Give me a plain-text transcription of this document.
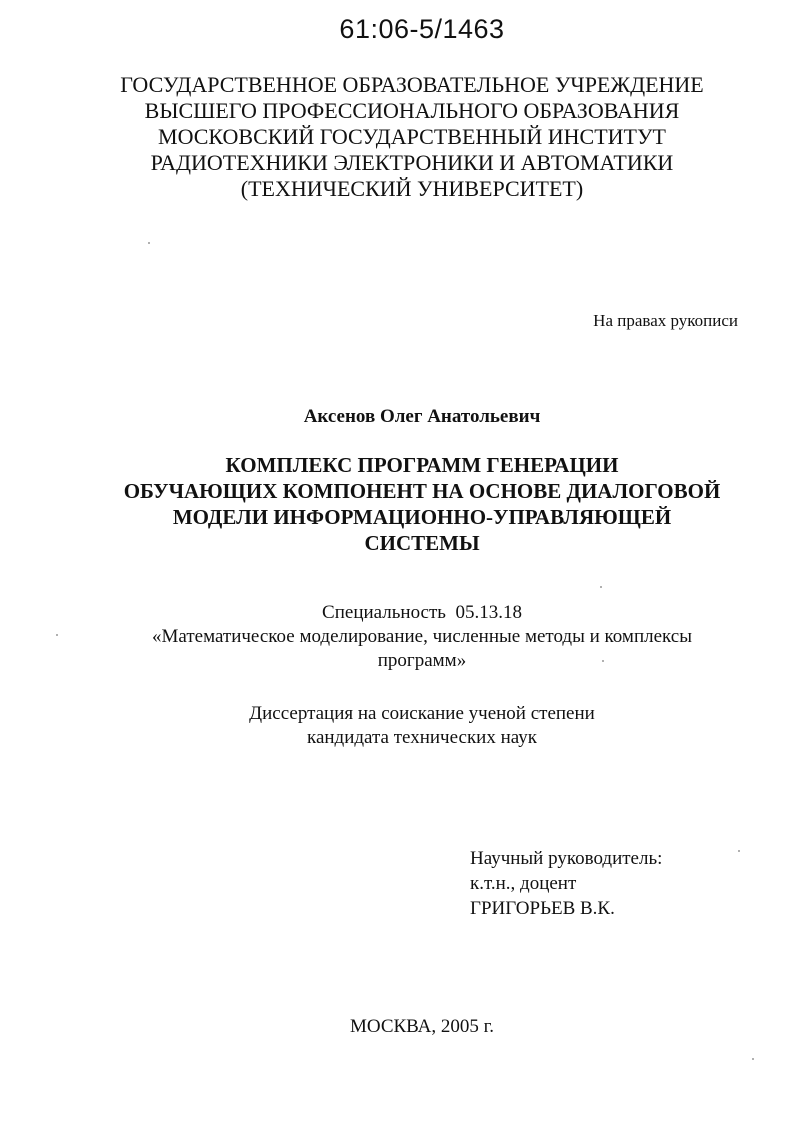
61:06-5/1463
ГОСУДАРСТВЕННОЕ ОБРАЗОВАТЕЛЬНОЕ УЧРЕЖДЕНИЕ
ВЫСШЕГО ПРОФЕССИОНАЛЬНОГО ОБРАЗОВАНИЯ
МОСКОВСКИЙ ГОСУДАРСТВЕННЫЙ ИНСТИТУТ
РАДИОТЕХНИКИ ЭЛЕКТРОНИКИ И АВТОМАТИКИ
(ТЕХНИЧЕСКИЙ УНИВЕРСИТЕТ)
На правах рукописи
Аксенов Олег Анатольевич
КОМПЛЕКС ПРОГРАММ ГЕНЕРАЦИИ
ОБУЧАЮЩИХ КОМПОНЕНТ НА ОСНОВЕ ДИАЛОГОВОЙ
МОДЕЛИ ИНФОРМАЦИОННО-УПРАВЛЯЮЩЕЙ
СИСТЕМЫ
Специальность  05.13.18
«Математическое моделирование, численные методы и комплексы
программ»
Диссертация на соискание ученой степени
кандидата технических наук
Научный руководитель:
к.т.н., доцент
ГРИГОРЬЕВ В.К.
МОСКВА, 2005 г.
